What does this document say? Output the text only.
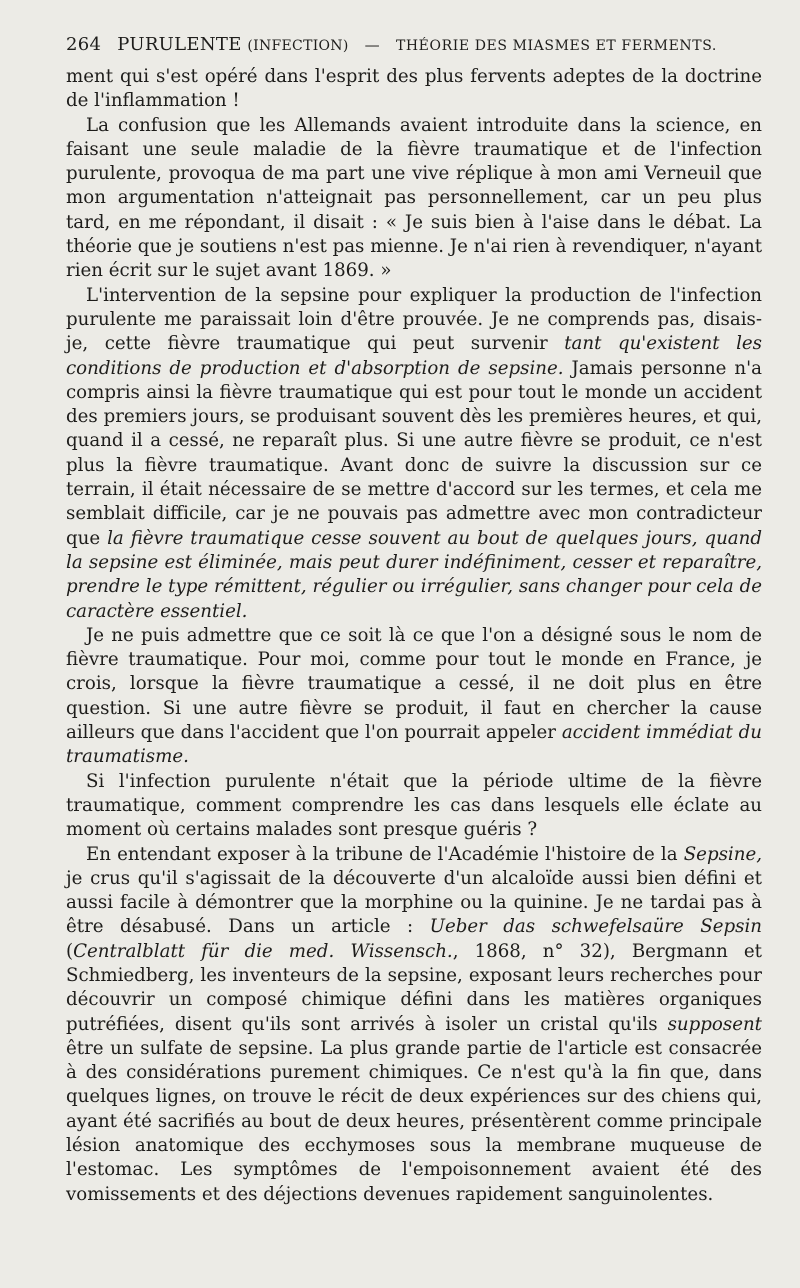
264 PURULENTE (INFECTION) — THÉORIE DES MIASMES ET FERMENTS.

ment qui s'est opéré dans l'esprit des plus fervents adeptes de la doctrine de l'inflammation !

La confusion que les Allemands avaient introduite dans la science, en faisant une seule maladie de la fièvre traumatique et de l'infection purulente, provoqua de ma part une vive réplique à mon ami Verneuil que mon argumentation n'atteignait pas personnellement, car un peu plus tard, en me répondant, il disait : « Je suis bien à l'aise dans le débat. La théorie que je soutiens n'est pas mienne. Je n'ai rien à revendiquer, n'ayant rien écrit sur le sujet avant 1869. »

L'intervention de la sepsine pour expliquer la production de l'infection purulente me paraissait loin d'être prouvée. Je ne comprends pas, disais-je, cette fièvre traumatique qui peut survenir tant qu'existent les conditions de production et d'absorption de sepsine. Jamais personne n'a compris ainsi la fièvre traumatique qui est pour tout le monde un accident des premiers jours, se produisant souvent dès les premières heures, et qui, quand il a cessé, ne reparaît plus. Si une autre fièvre se produit, ce n'est plus la fièvre traumatique. Avant donc de suivre la discussion sur ce terrain, il était nécessaire de se mettre d'accord sur les termes, et cela me semblait difficile, car je ne pouvais pas admettre avec mon contradicteur que la fièvre traumatique cesse souvent au bout de quelques jours, quand la sepsine est éliminée, mais peut durer indéfiniment, cesser et reparaître, prendre le type rémittent, régulier ou irrégulier, sans changer pour cela de caractère essentiel.

Je ne puis admettre que ce soit là ce que l'on a désigné sous le nom de fièvre traumatique. Pour moi, comme pour tout le monde en France, je crois, lorsque la fièvre traumatique a cessé, il ne doit plus en être question. Si une autre fièvre se produit, il faut en chercher la cause ailleurs que dans l'accident que l'on pourrait appeler accident immédiat du traumatisme.

Si l'infection purulente n'était que la période ultime de la fièvre traumatique, comment comprendre les cas dans lesquels elle éclate au moment où certains malades sont presque guéris ?

En entendant exposer à la tribune de l'Académie l'histoire de la Sepsine, je crus qu'il s'agissait de la découverte d'un alcaloïde aussi bien défini et aussi facile à démontrer que la morphine ou la quinine. Je ne tardai pas à être désabusé. Dans un article : Ueber das schwefelsaüre Sepsin (Centralblatt für die med. Wissensch., 1868, n° 32), Bergmann et Schmiedberg, les inventeurs de la sepsine, exposant leurs recherches pour découvrir un composé chimique défini dans les matières organiques putréfiées, disent qu'ils sont arrivés à isoler un cristal qu'ils supposent être un sulfate de sepsine. La plus grande partie de l'article est consacrée à des considérations purement chimiques. Ce n'est qu'à la fin que, dans quelques lignes, on trouve le récit de deux expériences sur des chiens qui, ayant été sacrifiés au bout de deux heures, présentèrent comme principale lésion anatomique des ecchymoses sous la membrane muqueuse de l'estomac. Les symptômes de l'empoisonnement avaient été des vomissements et des déjections devenues rapidement sanguinolentes.
